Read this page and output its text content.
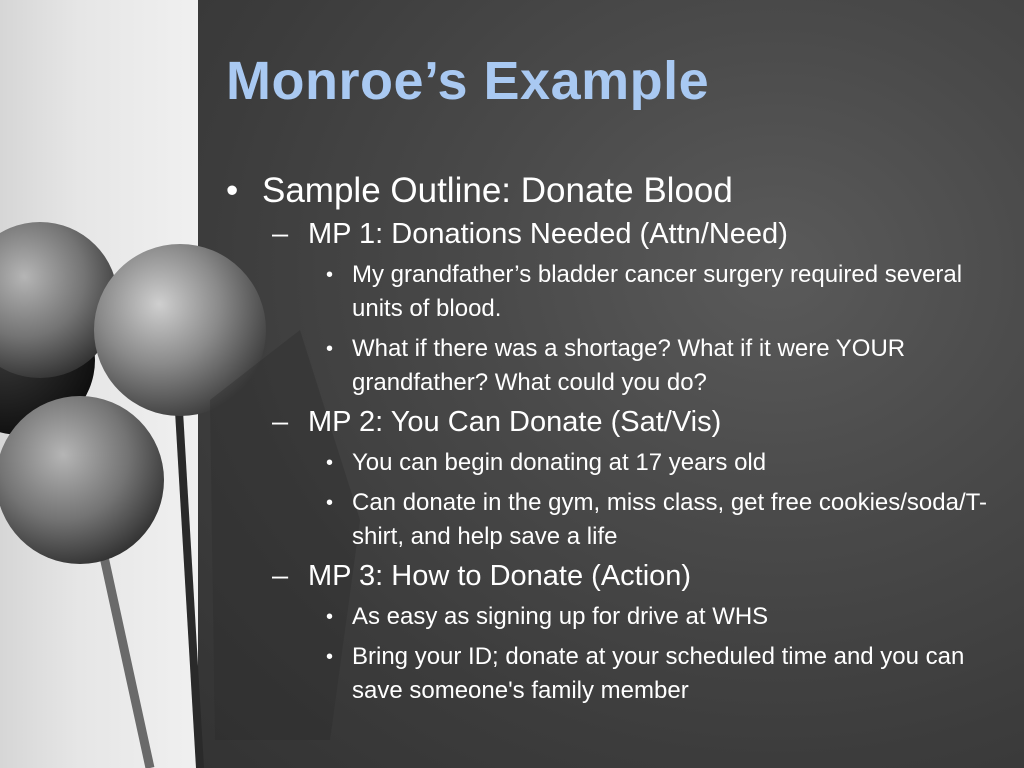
Monroe’s Example

• Sample Outline: Donate Blood

– MP 1: Donations Needed (Attn/Need)

• My grandfather’s bladder cancer surgery required several units of blood.

• What if there was a shortage? What if it were YOUR grandfather? What could you do?

– MP 2: You Can Donate (Sat/Vis)

• You can begin donating at 17 years old

• Can donate in the gym, miss class, get free cookies/soda/T-shirt, and help save a life

– MP 3: How to Donate (Action)

• As easy as signing up for drive at WHS

• Bring your ID; donate at your scheduled time and you can save someone's family member
